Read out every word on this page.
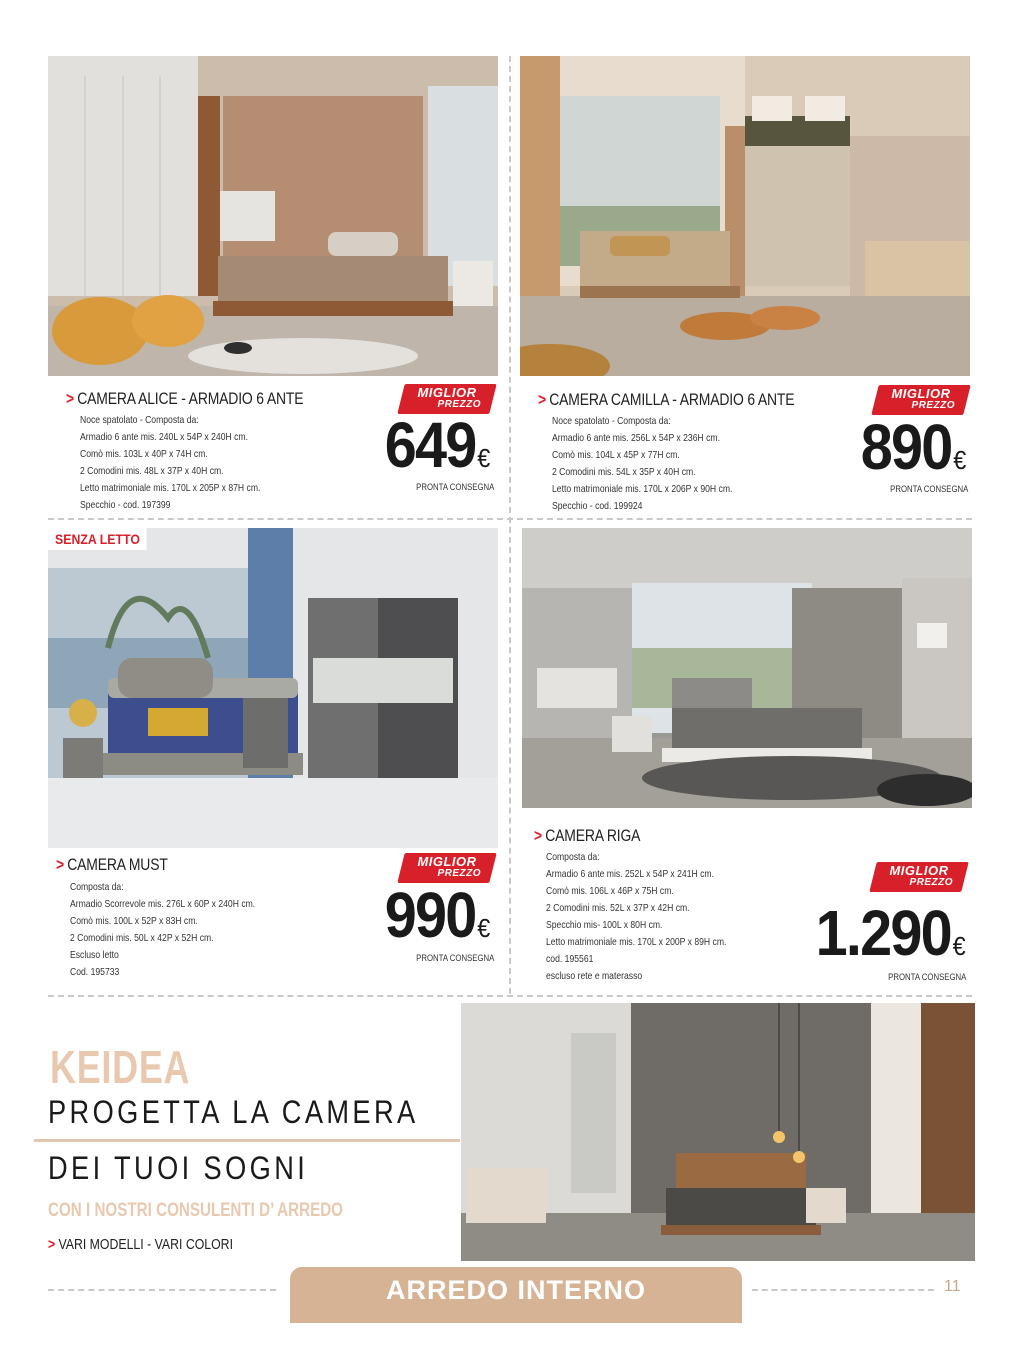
> CAMERA ALICE - ARMADIO 6 ANTE
Noce spatolato - Composta da:
Armadio 6 ante mis. 240L x 54P x 240H cm.
Comò mis. 103L x 40P x 74H cm.
2 Comodini mis. 48L x 37P x 40H cm.
Letto matrimoniale mis. 170L x 205P x 87H cm.
Specchio - cod. 197399
MIGLIOR
PREZZO
649€
PRONTA CONSEGNA
> CAMERA CAMILLA - ARMADIO 6 ANTE
Noce spatolato - Composta da:
Armadio 6 ante mis. 256L x 54P x 236H cm.
Comò mis. 104L x 45P x 77H cm.
2 Comodini mis. 54L x 35P x 40H cm.
Letto matrimoniale mis. 170L x 206P x 90H cm.
Specchio - cod. 199924
MIGLIOR
PREZZO
890€
PRONTA CONSEGNA
SENZA LETTO
> CAMERA MUST
Composta da:
Armadio Scorrevole mis. 276L x 60P x 240H cm.
Comò mis. 100L x 52P x 83H cm.
2 Comodini mis. 50L x 42P x 52H cm.
Escluso letto
Cod. 195733
MIGLIOR
PREZZO
990€
PRONTA CONSEGNA
> CAMERA RIGA
Composta da:
Armadio 6 ante mis. 252L x 54P x 241H cm.
Comò mis. 106L x 46P x 75H cm.
2 Comodini mis. 52L x 37P x 42H cm.
Specchio mis- 100L x 80H cm.
Letto matrimoniale mis. 170L x 200P x 89H cm.
cod. 195561
escluso rete e materasso
MIGLIOR
PREZZO
1.290€
PRONTA CONSEGNA
KEIDEA
PROGETTA LA CAMERA
DEI TUOI SOGNI
CON I NOSTRI CONSULENTI D’ ARREDO
> VARI MODELLI - VARI COLORI
ARREDO INTERNO	11
